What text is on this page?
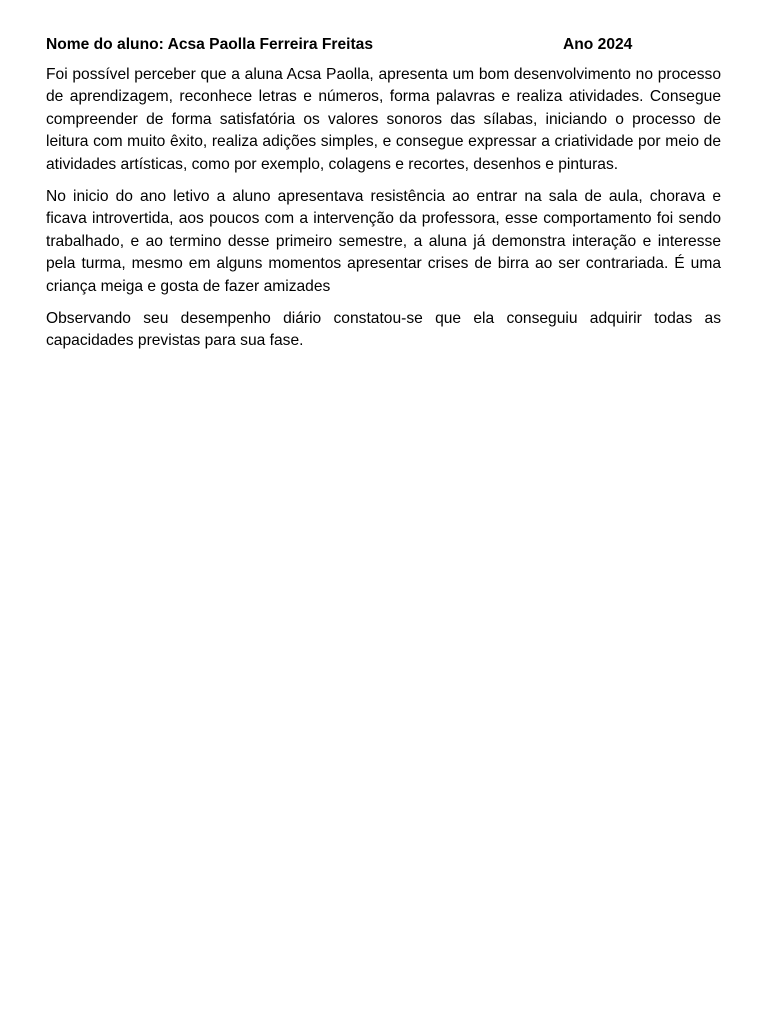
Nome do aluno: Acsa Paolla Ferreira Freitas	Ano 2024

Foi possível perceber que a aluna Acsa Paolla, apresenta um bom desenvolvimento no processo de aprendizagem, reconhece letras e números, forma palavras e realiza atividades. Consegue compreender de forma satisfatória os valores sonoros das sílabas, iniciando o processo de leitura com muito êxito, realiza adições simples, e consegue expressar a criatividade por meio de atividades artísticas, como por exemplo, colagens e recortes, desenhos e pinturas.

No inicio do ano letivo a aluno apresentava resistência ao entrar na sala de aula, chorava e ficava introvertida, aos poucos com a intervenção da professora, esse comportamento foi sendo trabalhado, e ao termino desse primeiro semestre, a aluna já demonstra interação e interesse pela turma, mesmo em alguns momentos apresentar crises de birra ao ser contrariada. É uma criança meiga e gosta de fazer amizades

Observando seu desempenho diário constatou-se que ela conseguiu adquirir todas as capacidades previstas para sua fase.
